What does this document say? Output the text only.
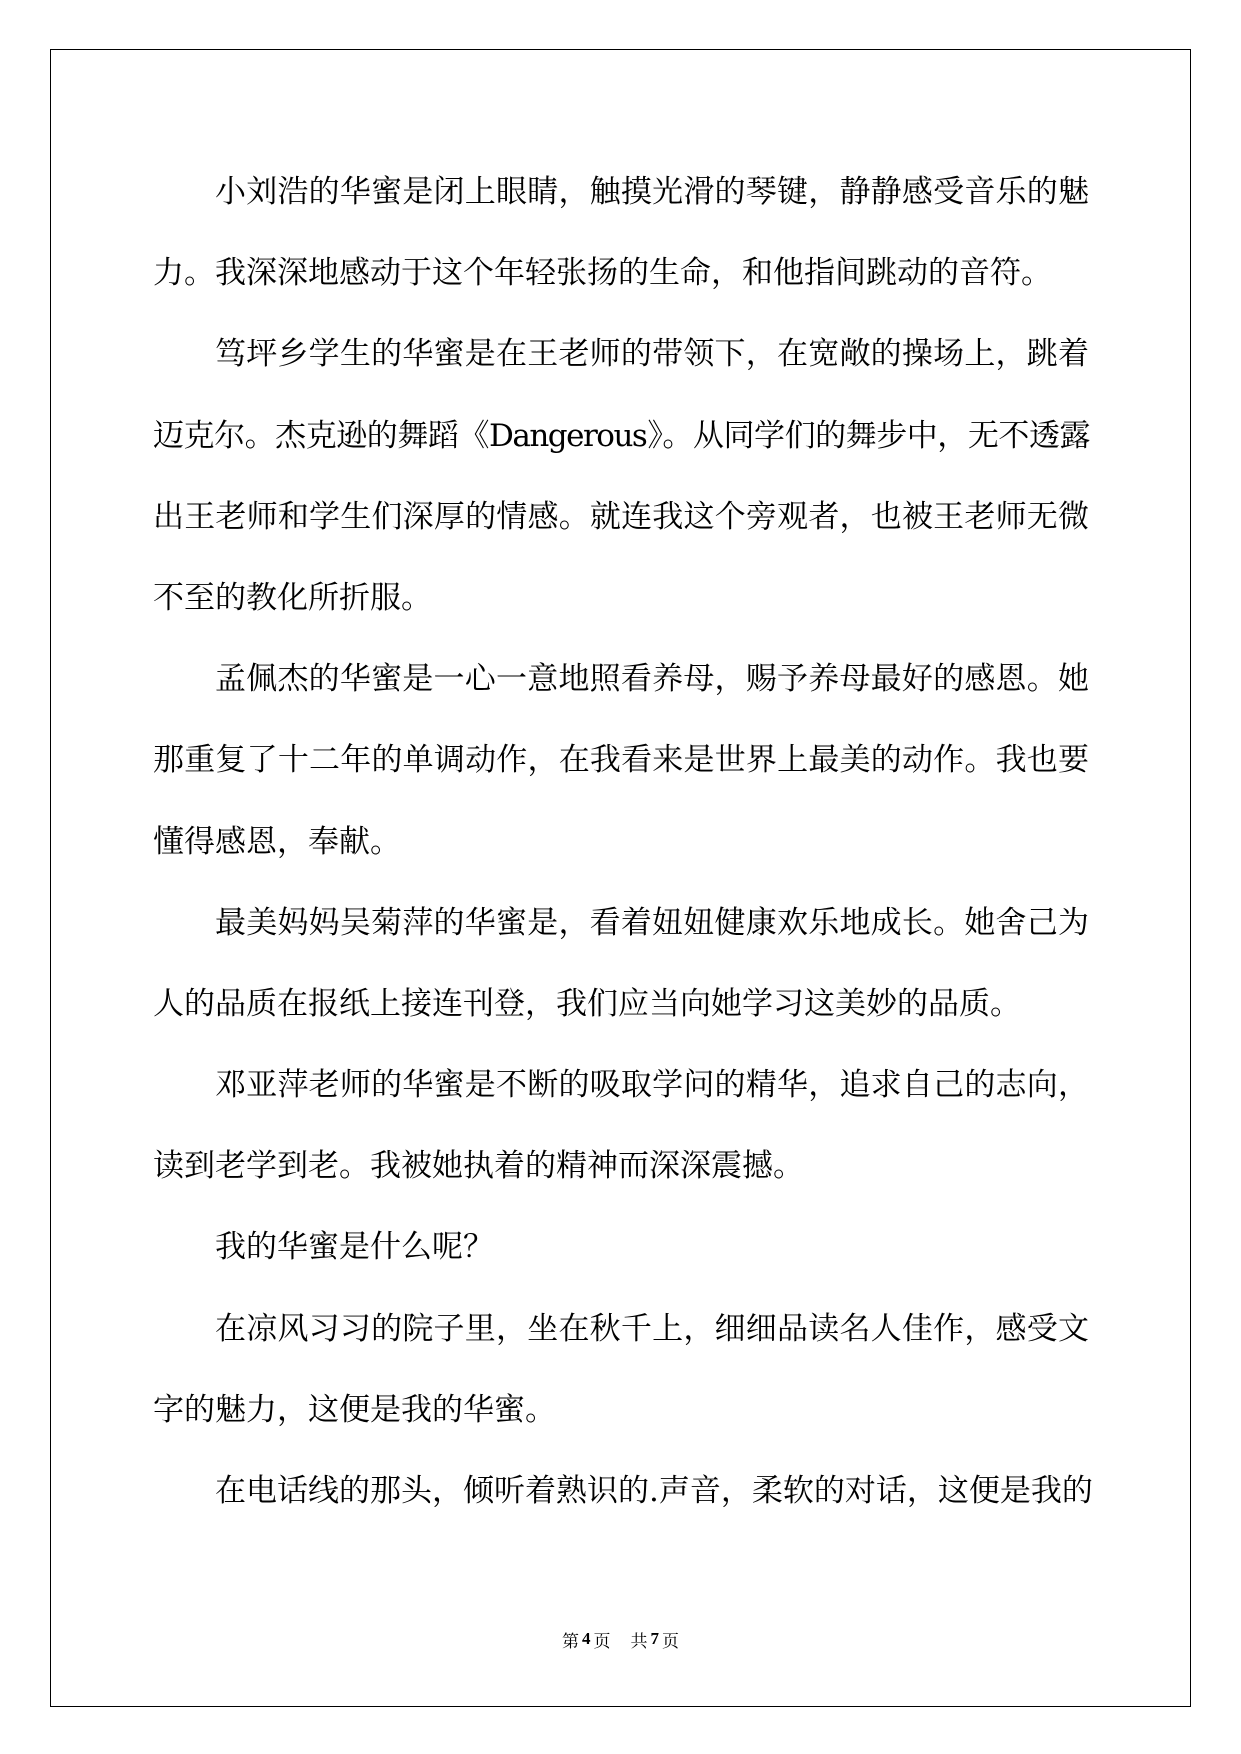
小刘浩的华蜜是闭上眼睛，触摸光滑的琴键，静静感受音乐的魅
力。我深深地感动于这个年轻张扬的生命，和他指间跳动的音符。
笃坪乡学生的华蜜是在王老师的带领下，在宽敞的操场上，跳着
迈克尔。杰克逊的舞蹈《Dangerous》。从同学们的舞步中，无不透露
出王老师和学生们深厚的情感。就连我这个旁观者，也被王老师无微
不至的教化所折服。
孟佩杰的华蜜是一心一意地照看养母，赐予养母最好的感恩。她
那重复了十二年的单调动作，在我看来是世界上最美的动作。我也要
懂得感恩，奉献。
最美妈妈吴菊萍的华蜜是，看着妞妞健康欢乐地成长。她舍己为
人的品质在报纸上接连刊登，我们应当向她学习这美妙的品质。
邓亚萍老师的华蜜是不断的吸取学问的精华，追求自己的志向，
读到老学到老。我被她执着的精神而深深震撼。
我的华蜜是什么呢？
在凉风习习的院子里，坐在秋千上，细细品读名人佳作，感受文
字的魅力，这便是我的华蜜。
在电话线的那头，倾听着熟识的.声音，柔软的对话，这便是我的
第 4 页 共 7 页
